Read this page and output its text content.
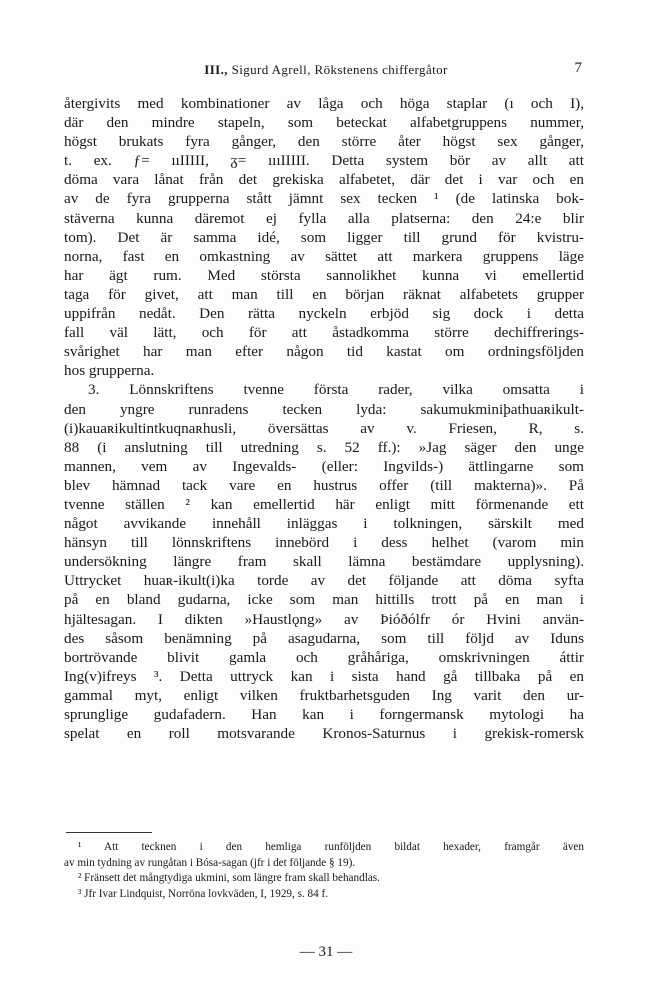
III., Sigurd Agrell, Rökstenens chiffergåtor	7
återgivits med kombinationer av låga och höga staplar (ı och I),
där den mindre stapeln, som beteckat alfabetgruppens nummer,
högst brukats fyra gånger, den större åter högst sex gånger,
t. ex. ƒ= ııIIIII, ᵹ= ıııIIIII. Detta system bör av allt att
döma vara lånat från det grekiska alfabetet, där det i var och en
av de fyra grupperna stått jämnt sex tecken ¹ (de latinska bok-
stäverna kunna däremot ej fylla alla platserna: den 24:e blir
tom). Det är samma idé, som ligger till grund för kvistru-
norna, fast en omkastning av sättet att markera gruppens läge
har ägt rum. Med största sannolikhet kunna vi emellertid
taga för givet, att man till en början räknat alfabetets grupper
uppifrån nedåt. Den rätta nyckeln erbjöd sig dock i detta
fall väl lätt, och för att åstadkomma större dechiffrerings-
svårighet har man efter någon tid kastat om ordningsföljden
hos grupperna.
3. Lönnskriftens tvenne första rader, vilka omsatta i
den yngre runradens tecken lyda: sakumukminiþathuaʀikult-
(i)kauaʀikultintkuqnaʀhusli, översättas av v. Friesen, R, s.
88 (i anslutning till utredning s. 52 ff.): »Jag säger den unge
mannen, vem av Ingevalds- (eller: Ingvilds-) ättlingarne som
blev hämnad tack vare en hustrus offer (till makterna)». På
tvenne ställen ² kan emellertid här enligt mitt förmenande ett
något avvikande innehåll inläggas i tolkningen, särskilt med
hänsyn till lönnskriftens innebörd i dess helhet (varom min
undersökning längre fram skall lämna bestämdare upplysning).
Uttrycket huaʀ-ikult(i)ka torde av det följande att döma syfta
på en bland gudarna, icke som man hittills trott på en man i
hjältesagan. I dikten »Haustlǫng» av Þióðólfr ór Hvini använ-
des såsom benämning på asagudarna, som till följd av Iduns
bortrövande blivit gamla och gråhåriga, omskrivningen áttir
Ing(v)ifreys ³. Detta uttryck kan i sista hand gå tillbaka på en
gammal myt, enligt vilken fruktbarhetsguden Ing varit den ur-
sprunglige gudafadern. Han kan i forngermansk mytologi ha
spelat en roll motsvarande Kronos-Saturnus i grekisk-romersk
¹ Att tecknen i den hemliga runföljden bildat hexader, framgår även
av min tydning av rungåtan i Bósa-sagan (jfr i det följande § 19).
² Fränsett det mångtydiga ukmini, som längre fram skall behandlas.
³ Jfr Ivar Lindquist, Norröna lovkväden, I, 1929, s. 84 f.
— 31 —
